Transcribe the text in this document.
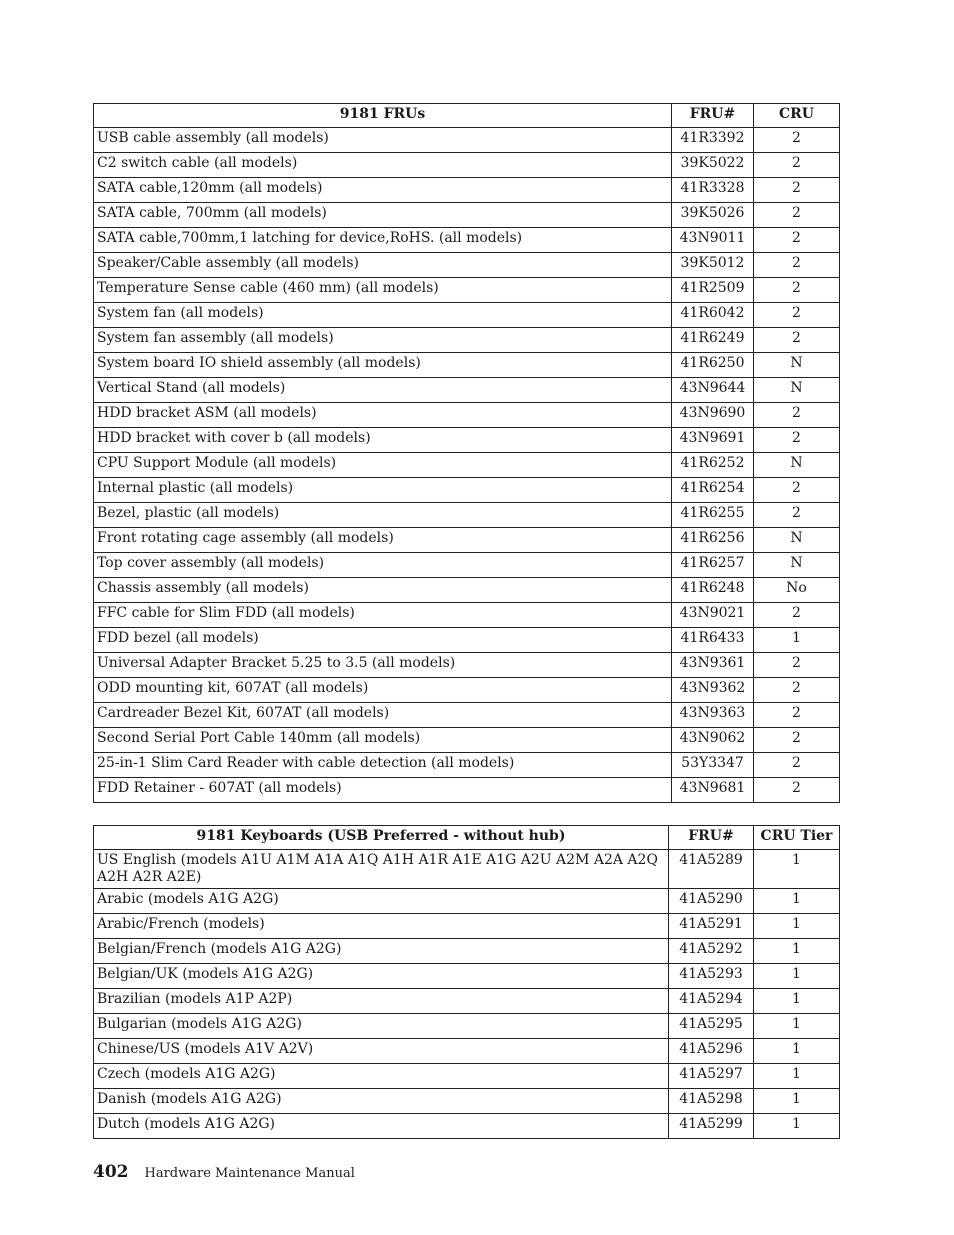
9181 FRUs	FRU#	CRU
USB cable assembly (all models)	41R3392	2
C2 switch cable (all models)	39K5022	2
SATA cable,120mm (all models)	41R3328	2
SATA cable, 700mm (all models)	39K5026	2
SATA cable,700mm,1 latching for device,RoHS. (all models)	43N9011	2
Speaker/Cable assembly (all models)	39K5012	2
Temperature Sense cable (460 mm) (all models)	41R2509	2
System fan (all models)	41R6042	2
System fan assembly (all models)	41R6249	2
System board IO shield assembly (all models)	41R6250	N
Vertical Stand (all models)	43N9644	N
HDD bracket ASM (all models)	43N9690	2
HDD bracket with cover b (all models)	43N9691	2
CPU Support Module (all models)	41R6252	N
Internal plastic (all models)	41R6254	2
Bezel, plastic (all models)	41R6255	2
Front rotating cage assembly (all models)	41R6256	N
Top cover assembly (all models)	41R6257	N
Chassis assembly (all models)	41R6248	No
FFC cable for Slim FDD (all models)	43N9021	2
FDD bezel (all models)	41R6433	1
Universal Adapter Bracket 5.25 to 3.5 (all models)	43N9361	2
ODD mounting kit, 607AT (all models)	43N9362	2
Cardreader Bezel Kit, 607AT (all models)	43N9363	2
Second Serial Port Cable 140mm (all models)	43N9062	2
25-in-1 Slim Card Reader with cable detection (all models)	53Y3347	2
FDD Retainer - 607AT (all models)	43N9681	2
9181 Keyboards (USB Preferred - without hub)	FRU#	CRU Tier
US English (models A1U A1M A1A A1Q A1H A1R A1E A1G A2U A2M A2A A2Q A2H A2R A2E)	41A5289	1
Arabic (models A1G A2G)	41A5290	1
Arabic/French (models)	41A5291	1
Belgian/French (models A1G A2G)	41A5292	1
Belgian/UK (models A1G A2G)	41A5293	1
Brazilian (models A1P A2P)	41A5294	1
Bulgarian (models A1G A2G)	41A5295	1
Chinese/US (models A1V A2V)	41A5296	1
Czech (models A1G A2G)	41A5297	1
Danish (models A1G A2G)	41A5298	1
Dutch (models A1G A2G)	41A5299	1
402 Hardware Maintenance Manual
